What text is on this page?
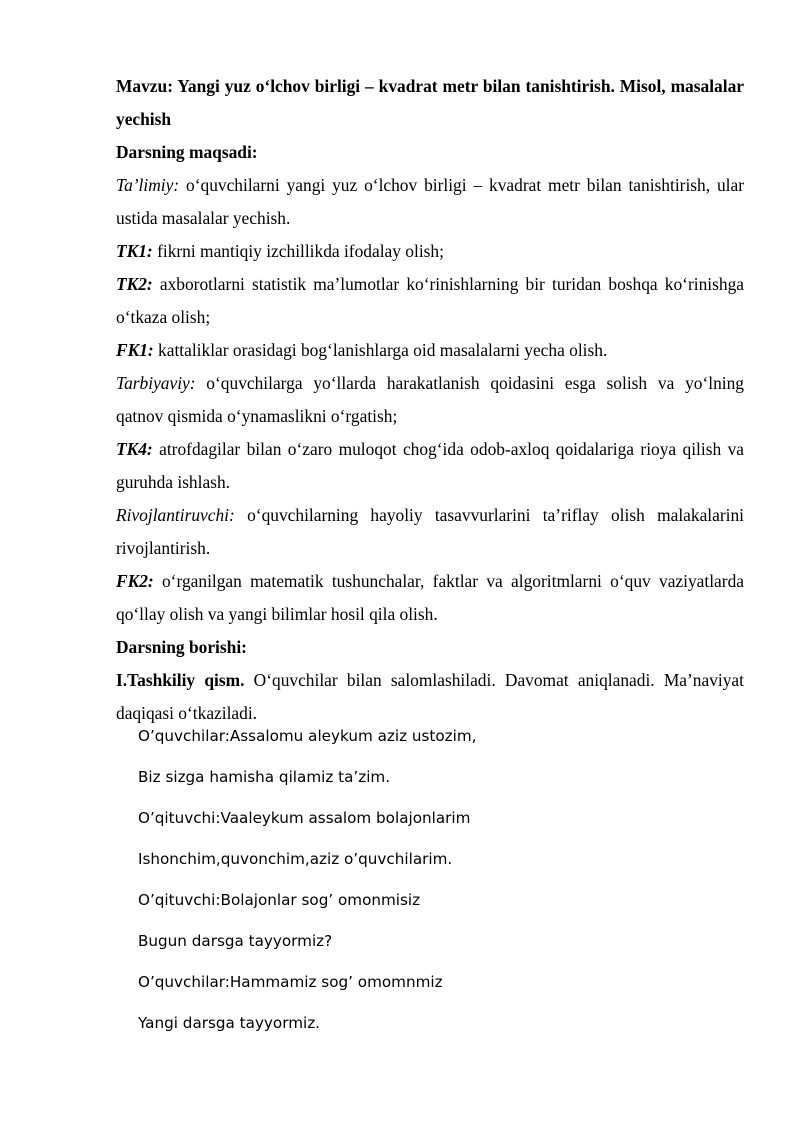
Mavzu: Yangi yuz o‘lchov birligi – kvadrat metr bilan tanishtirish. Misol, masalalar yechish

Darsning maqsadi:

Ta’limiy: o‘quvchilarni yangi yuz o‘lchov birligi – kvadrat metr bilan tanishtirish, ular ustida masalalar yechish.

TK1: fikrni mantiqiy izchillikda ifodalay olish;

TK2: axborotlarni statistik ma’lumotlar ko‘rinishlarning bir turidan boshqa ko‘rinishga o‘tkaza olish;

FK1: kattaliklar orasidagi bog‘lanishlarga oid masalalarni yecha olish.

Tarbiyaviy: o‘quvchilarga yo‘llarda harakatlanish qoidasini esga solish va yo‘lning qatnov qismida o‘ynamaslikni o‘rgatish;

TK4: atrofdagilar bilan o‘zaro muloqot chog‘ida odob-axloq qoidalariga rioya qilish va guruhda ishlash.

Rivojlantiruvchi: o‘quvchilarning hayoliy tasavvurlarini ta’riflay olish malakalarini rivojlantirish.

FK2: o‘rganilgan matematik tushunchalar, faktlar va algoritmlarni o‘quv vaziyatlarda qo‘llay olish va yangi bilimlar hosil qila olish.

Darsning borishi:

I.Tashkiliy qism. O‘quvchilar bilan salomlashiladi. Davomat aniqlanadi. Ma’naviyat daqiqasi o‘tkaziladi.

O’quvchilar:Assalomu aleykum aziz ustozim,
Biz sizga hamisha qilamiz ta’zim.
O’qituvchi:Vaaleykum assalom bolajonlarim
Ishonchim,quvonchim,aziz o’quvchilarim.
O’qituvchi:Bolajonlar sog’ omonmisiz
Bugun darsga tayyormiz?
O’quvchilar:Hammamiz sog’ omomnmiz
Yangi darsga tayyormiz.
